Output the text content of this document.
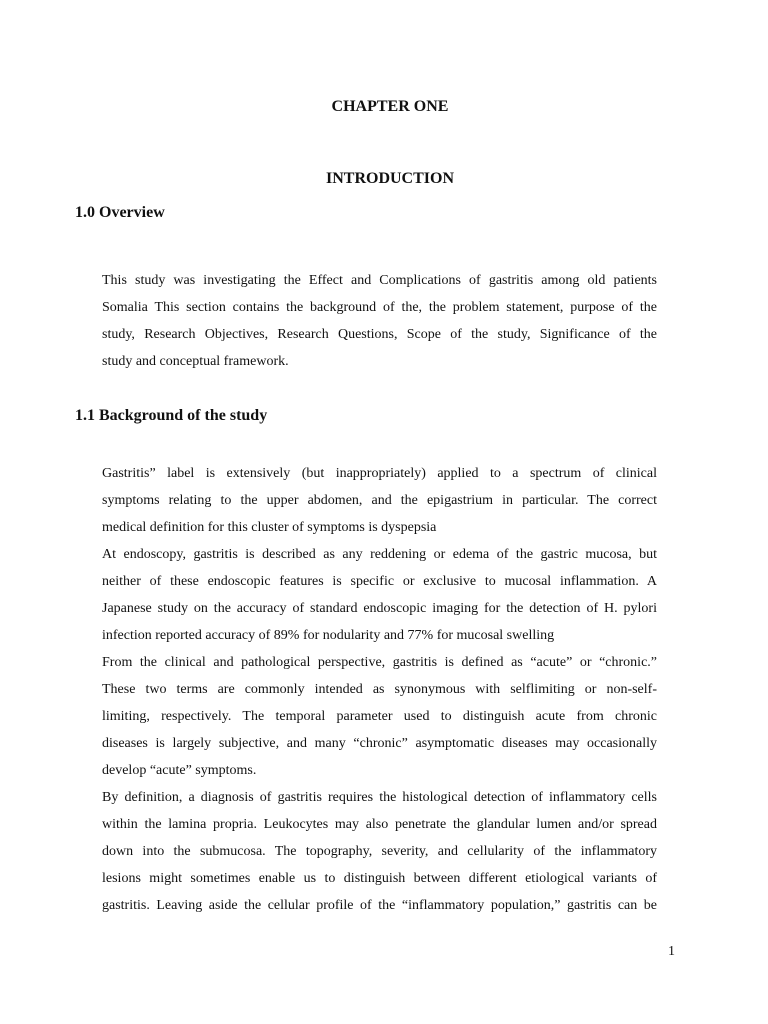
CHAPTER ONE
INTRODUCTION
1.0 Overview

This study was investigating the Effect and Complications of gastritis among old patients
Somalia This section contains the background of the, the problem statement, purpose of the
study, Research Objectives, Research Questions, Scope of the study, Significance of the
study and conceptual framework.

1.1 Background of the study

Gastritis” label is extensively (but inappropriately) applied to a spectrum of clinical
symptoms relating to the upper abdomen, and the epigastrium in particular. The correct
medical definition for this cluster of symptoms is dyspepsia
At endoscopy, gastritis is described as any reddening or edema of the gastric mucosa, but
neither of these endoscopic features is specific or exclusive to mucosal inflammation. A
Japanese study on the accuracy of standard endoscopic imaging for the detection of H. pylori
infection reported accuracy of 89% for nodularity and 77% for mucosal swelling
From the clinical and pathological perspective, gastritis is defined as “acute” or “chronic.”
These two terms are commonly intended as synonymous with selflimiting or non-self-
limiting, respectively. The temporal parameter used to distinguish acute from chronic
diseases is largely subjective, and many “chronic” asymptomatic diseases may occasionally
develop “acute” symptoms.
By definition, a diagnosis of gastritis requires the histological detection of inflammatory cells
within the lamina propria. Leukocytes may also penetrate the glandular lumen and/or spread
down into the submucosa. The topography, severity, and cellularity of the inflammatory
lesions might sometimes enable us to distinguish between different etiological variants of
gastritis. Leaving aside the cellular profile of the “inflammatory population,” gastritis can be

1
